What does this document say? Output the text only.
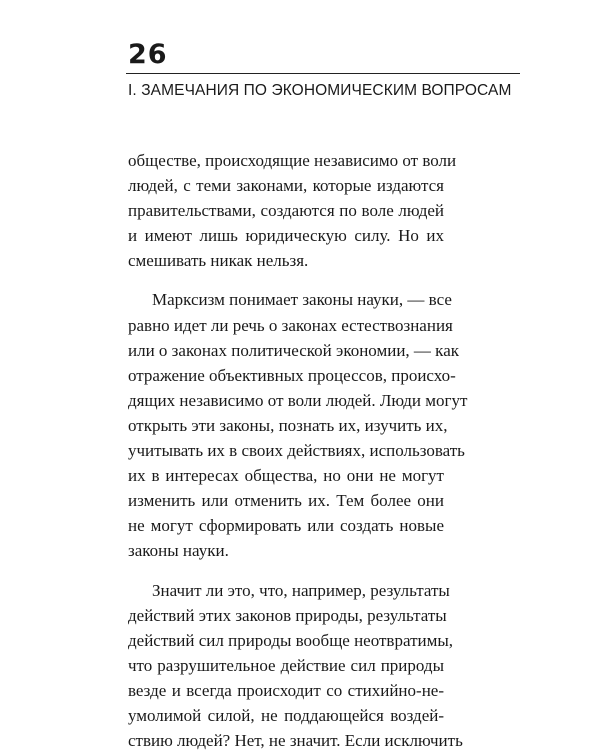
26
I. ЗАМЕЧАНИЯ ПО ЭКОНОМИЧЕСКИМ ВОПРОСАМ
обществе, происходящие независимо от воли
людей, с теми законами, которые издаются
правительствами, создаются по воле людей
и имеют лишь юридическую силу. Но их
смешивать никак нельзя.
Марксизм понимает законы науки, — все
равно идет ли речь о законах естествознания
или о законах политической экономии, — как
отражение объективных процессов, происхо-
дящих независимо от воли людей. Люди могут
открыть эти законы, познать их, изучить их,
учитывать их в своих действиях, использовать
их в интересах общества, но они не могут
изменить или отменить их. Тем более они
не могут сформировать или создать новые
законы науки.
Значит ли это, что, например, результаты
действий этих законов природы, результаты
действий сил природы вообще неотвратимы,
что разрушительное действие сил природы
везде и всегда происходит со стихийно-не-
умолимой силой, не поддающейся воздей-
ствию людей? Нет, не значит. Если исключить
